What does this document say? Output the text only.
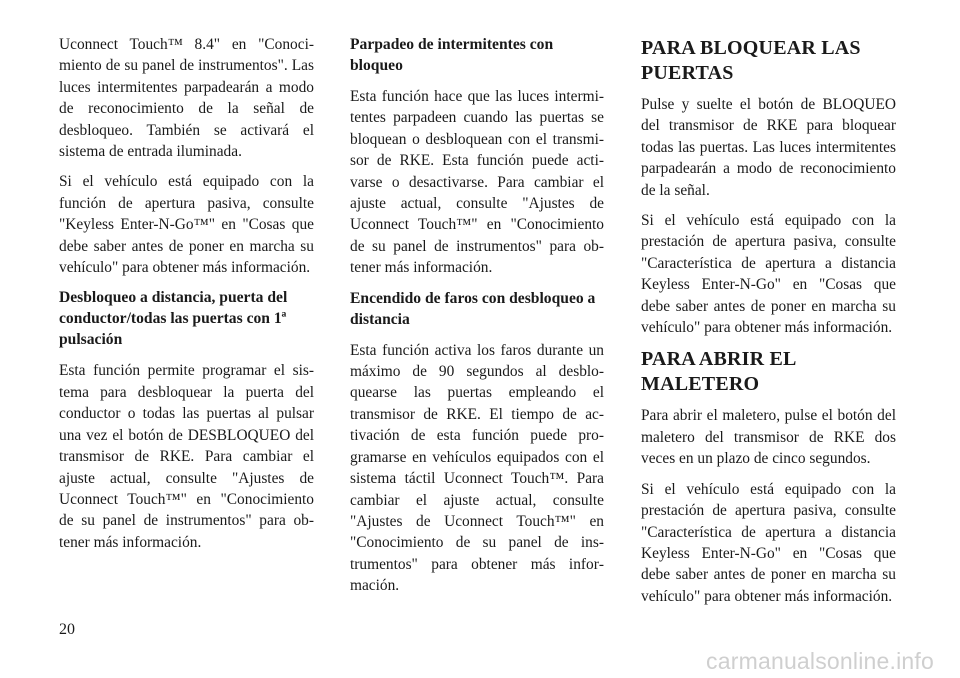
Uconnect Touch™ 8.4" en "Conocimiento de su panel de instrumentos". Las luces intermitentes parpadearán a modo de reconocimiento de la señal de desbloqueo. También se activará el sistema de entrada iluminada.

Si el vehículo está equipado con la función de apertura pasiva, consulte "Keyless Enter-N-Go™" en "Cosas que debe saber antes de poner en marcha su vehículo" para obtener más información.

Desbloqueo a distancia, puerta del conductor/todas las puertas con 1ª pulsación

Esta función permite programar el sistema para desbloquear la puerta del conductor o todas las puertas al pulsar una vez el botón de DESBLOQUEO del transmisor de RKE. Para cambiar el ajuste actual, consulte "Ajustes de Uconnect Touch™" en "Conocimiento de su panel de instrumentos" para obtener más información.

Parpadeo de intermitentes con bloqueo

Esta función hace que las luces intermitentes parpadeen cuando las puertas se bloquean o desbloquean con el transmisor de RKE. Esta función puede activarse o desactivarse. Para cambiar el ajuste actual, consulte "Ajustes de Uconnect Touch™" en "Conocimiento de su panel de instrumentos" para obtener más información.

Encendido de faros con desbloqueo a distancia

Esta función activa los faros durante un máximo de 90 segundos al desbloquearse las puertas empleando el transmisor de RKE. El tiempo de activación de esta función puede programarse en vehículos equipados con el sistema táctil Uconnect Touch™. Para cambiar el ajuste actual, consulte "Ajustes de Uconnect Touch™" en "Conocimiento de su panel de instrumentos" para obtener más información.

PARA BLOQUEAR LAS PUERTAS

Pulse y suelte el botón de BLOQUEO del transmisor de RKE para bloquear todas las puertas. Las luces intermitentes parpadearán a modo de reconocimiento de la señal.

Si el vehículo está equipado con la prestación de apertura pasiva, consulte "Característica de apertura a distancia Keyless Enter-N-Go" en "Cosas que debe saber antes de poner en marcha su vehículo" para obtener más información.

PARA ABRIR EL MALETERO

Para abrir el maletero, pulse el botón del maletero del transmisor de RKE dos veces en un plazo de cinco segundos.

Si el vehículo está equipado con la prestación de apertura pasiva, consulte "Característica de apertura a distancia Keyless Enter-N-Go" en "Cosas que debe saber antes de poner en marcha su vehículo" para obtener más información.

20
carmanualsonline.info
